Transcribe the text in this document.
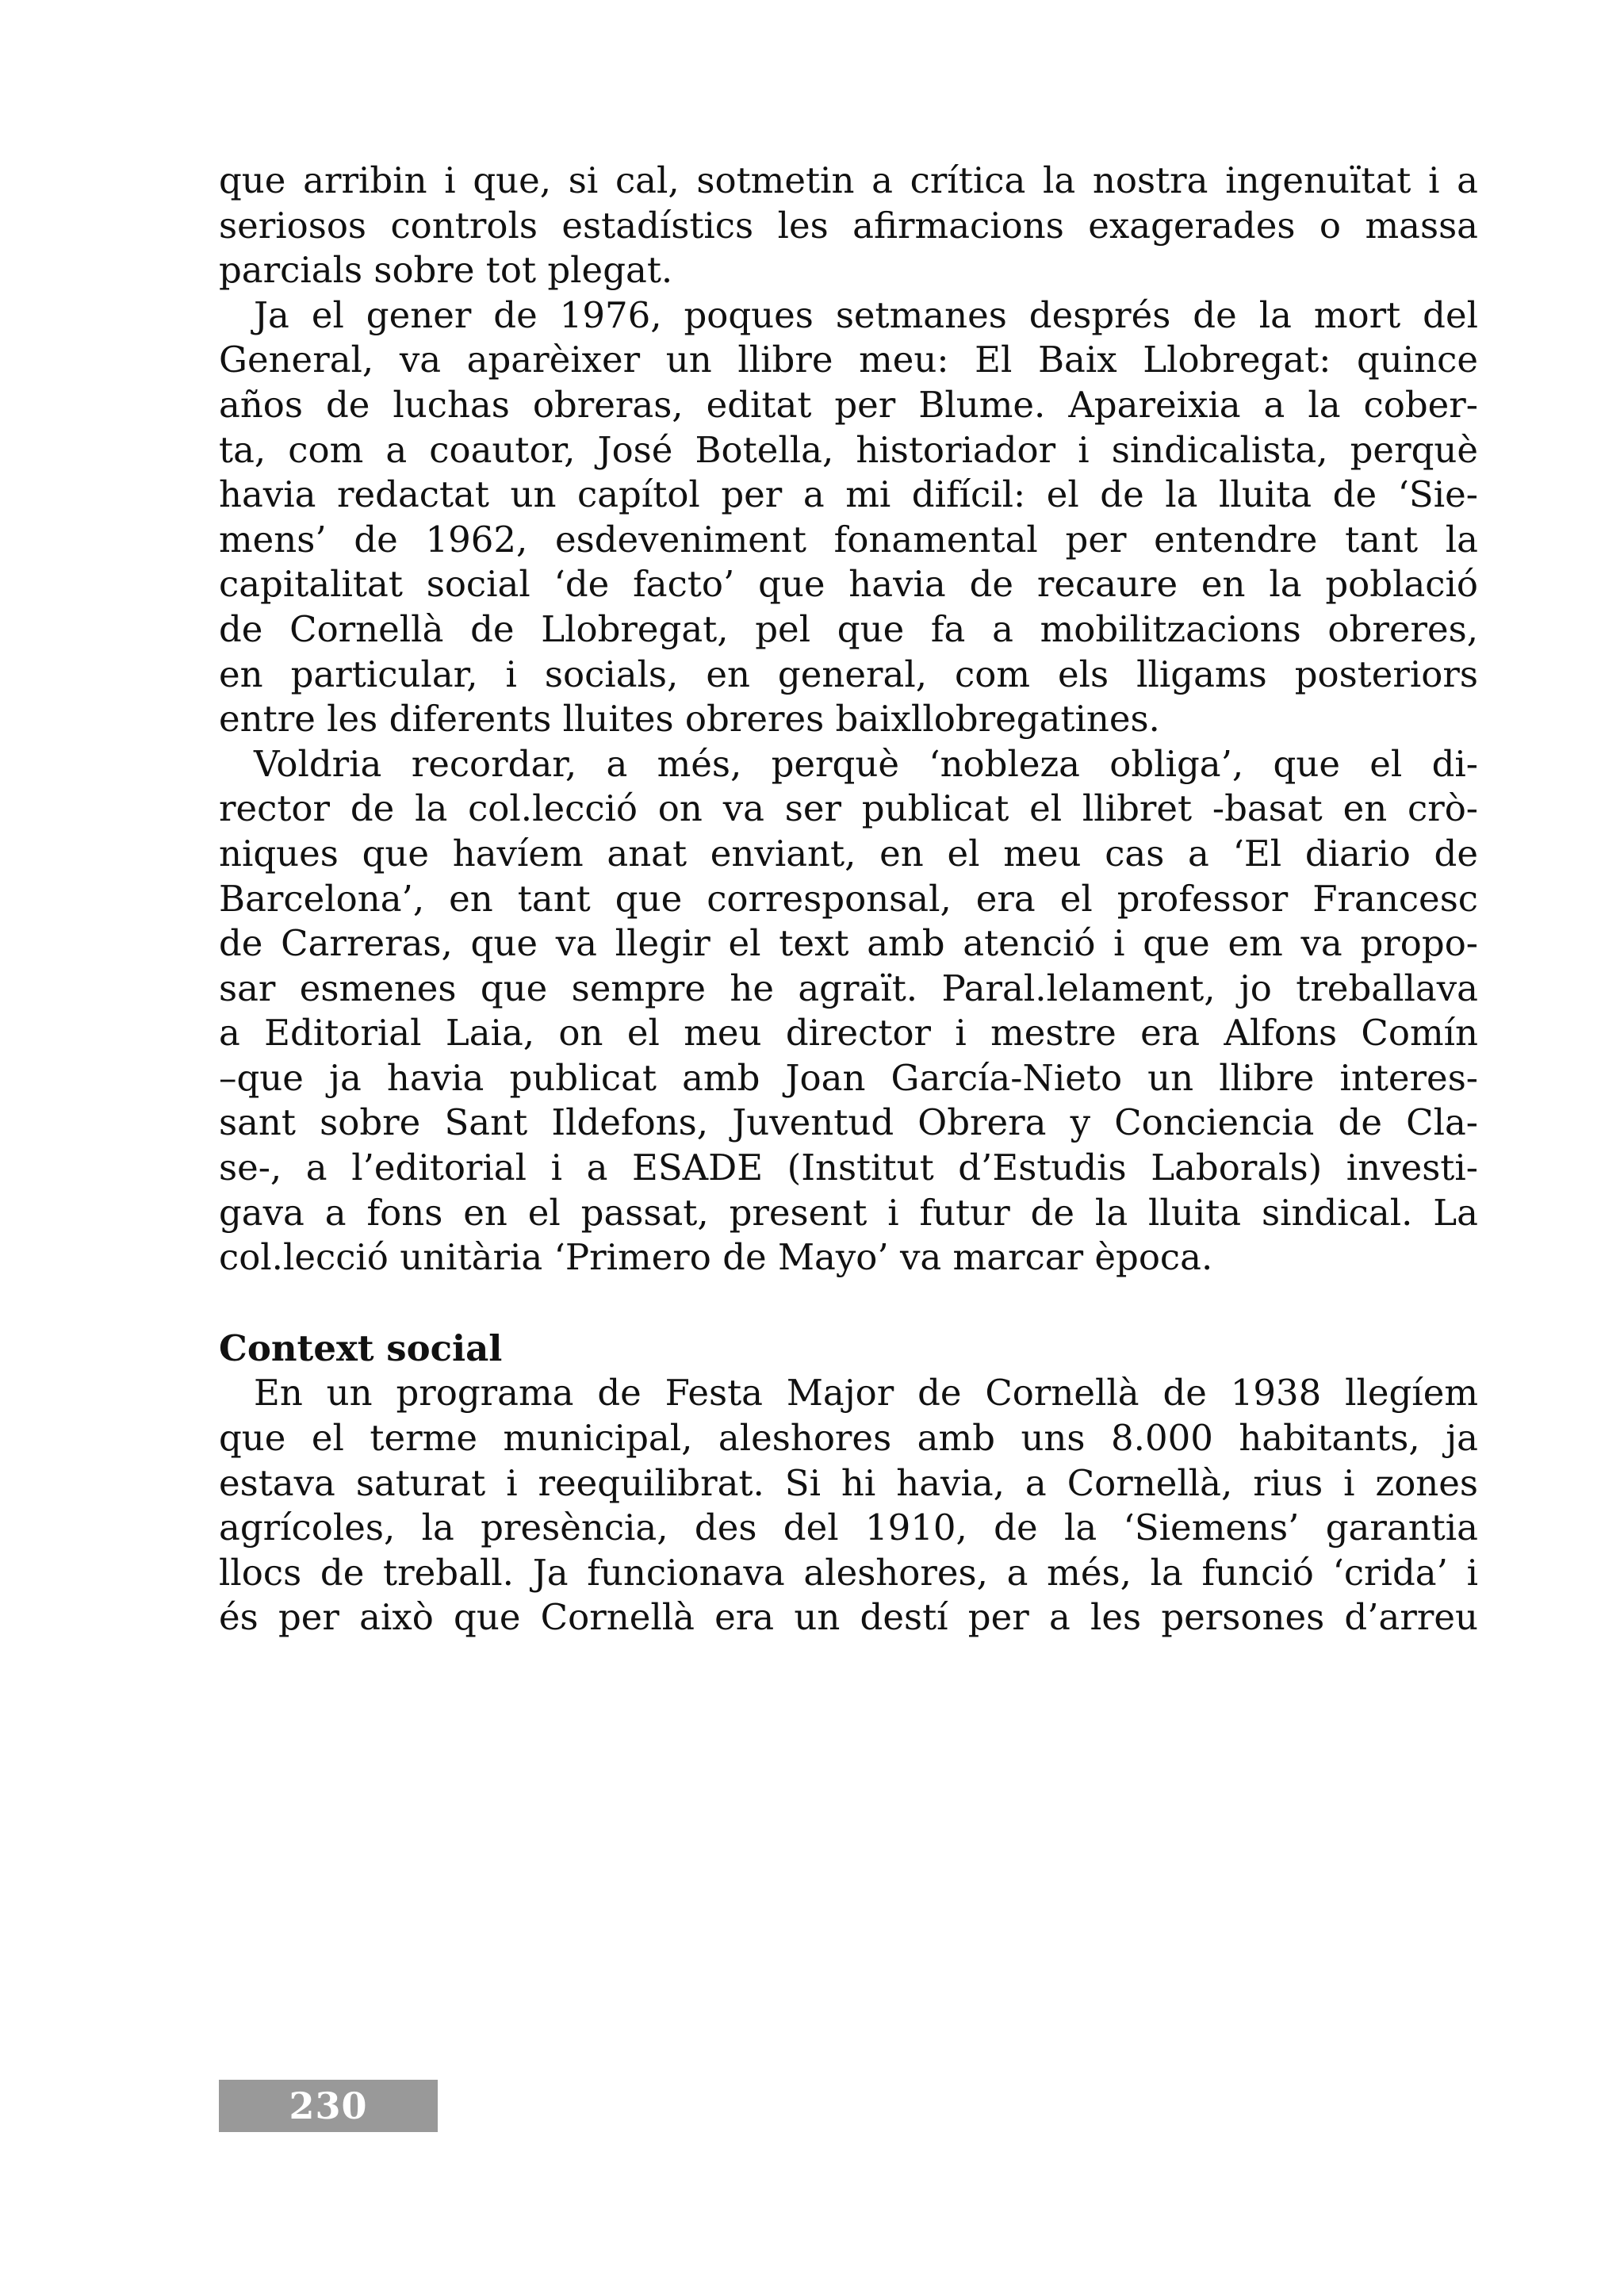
que arribin i que, si cal, sotmetin a crítica la nostra ingenuïtat i a
seriosos controls estadístics les afirmacions exagerades o massa
parcials sobre tot plegat.
Ja el gener de 1976, poques setmanes després de la mort del
General, va aparèixer un llibre meu: El Baix Llobregat: quince
años de luchas obreras, editat per Blume. Apareixia a la cober-
ta, com a coautor, José Botella, historiador i sindicalista, perquè
havia redactat un capítol per a mi difícil: el de la lluita de ‘Sie-
mens’ de 1962, esdeveniment fonamental per entendre tant la
capitalitat social ‘de facto’ que havia de recaure en la població
de Cornellà de Llobregat, pel que fa a mobilitzacions obreres,
en particular, i socials, en general, com els lligams posteriors
entre les diferents lluites obreres baixllobregatines.
Voldria recordar, a més, perquè ‘nobleza obliga’, que el di-
rector de la col.lecció on va ser publicat el llibret -basat en crò-
niques que havíem anat enviant, en el meu cas a ‘El diario de
Barcelona’, en tant que corresponsal, era el professor Francesc
de Carreras, que va llegir el text amb atenció i que em va propo-
sar esmenes que sempre he agraït. Paral.lelament, jo treballava
a Editorial Laia, on el meu director i mestre era Alfons Comín
–que ja havia publicat amb Joan García-Nieto un llibre interes-
sant sobre Sant Ildefons, Juventud Obrera y Conciencia de Cla-
se-, a l’editorial i a ESADE (Institut d’Estudis Laborals) investi-
gava a fons en el passat, present i futur de la lluita sindical. La
col.lecció unitària ‘Primero de Mayo’ va marcar època.
Context social
En un programa de Festa Major de Cornellà de 1938 llegíem
que el terme municipal, aleshores amb uns 8.000 habitants, ja
estava saturat i reequilibrat. Si hi havia, a Cornellà, rius i zones
agrícoles, la presència, des del 1910, de la ‘Siemens’ garantia
llocs de treball. Ja funcionava aleshores, a més, la funció ‘crida’ i
és per això que Cornellà era un destí per a les persones d’arreu
230
